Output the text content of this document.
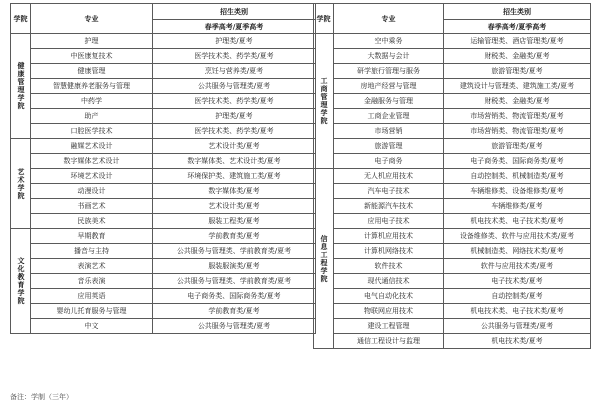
学院	专业	招生类别
		春季高考/夏季高考
健康管理学院	护理	护理类/夏考
	中医康复技术	医学技术类、药学类/夏考
	健康管理	烹饪与营养类/夏考
	智慧健康养老服务与管理	公共服务与管理类/夏考
	中药学	医学技术类、药学类/夏考
	助产	护理类/夏考
	口腔医学技术	医学技术类、药学类/夏考
艺术学院	融媒艺术设计	艺术设计类/夏考
	数字媒体艺术设计	数字媒体类、艺术设计类/夏考
	环境艺术设计	环境保护类、建筑施工类/夏考
	动漫设计	数字媒体类/夏考
	书画艺术	艺术设计类/夏考
	民族美术	服装工程类/夏考
文化教育学院	早期教育	学前教育类/夏考
	播音与主持	公共服务与管理类、学前教育类/夏考
	表演艺术	服装服演类/夏考
	音乐表演	公共服务与管理类、学前教育类/夏考
	应用英语	电子商务类、国际商务类/夏考
	婴幼儿托育服务与管理	学前教育类/夏考
	中文	公共服务与管理类/夏考
学院	专业	招生类别
		春季高考/夏季高考
工商管理学院	空中乘务	运输管理类、酒店管理类/夏考
	大数据与会计	财税类、金融类/夏考
	研学旅行管理与服务	旅游管理类/夏考
	房地产经营与管理	建筑设计与管理类、建筑施工类/夏考
	金融服务与管理	财税类、金融类/夏考
	工商企业管理	市场营销类、物流管理类/夏考
	市场营销	市场营销类、物流管理类/夏考
	旅游管理	旅游管理类/夏考
	电子商务	电子商务类、国际商务类/夏考
信息工程学院	无人机应用技术	自动控制类、机械制造类/夏考
	汽车电子技术	车辆维修类、设备维修类/夏考
	新能源汽车技术	车辆维修类/夏考
	应用电子技术	机电技术类、电子技术类/夏考
	计算机应用技术	设备维修类、软件与应用技术类/夏考
	计算机网络技术	机械制造类、网络技术类/夏考
	软件技术	软件与应用技术类/夏考
	现代通信技术	电子技术类/夏考
	电气自动化技术	自动控制类/夏考
	物联网应用技术	机电技术类、电子技术类/夏考
	建设工程管理	公共服务与管理类/夏考
	通信工程设计与监理	机电技术类/夏考
备注：学制（三年）
